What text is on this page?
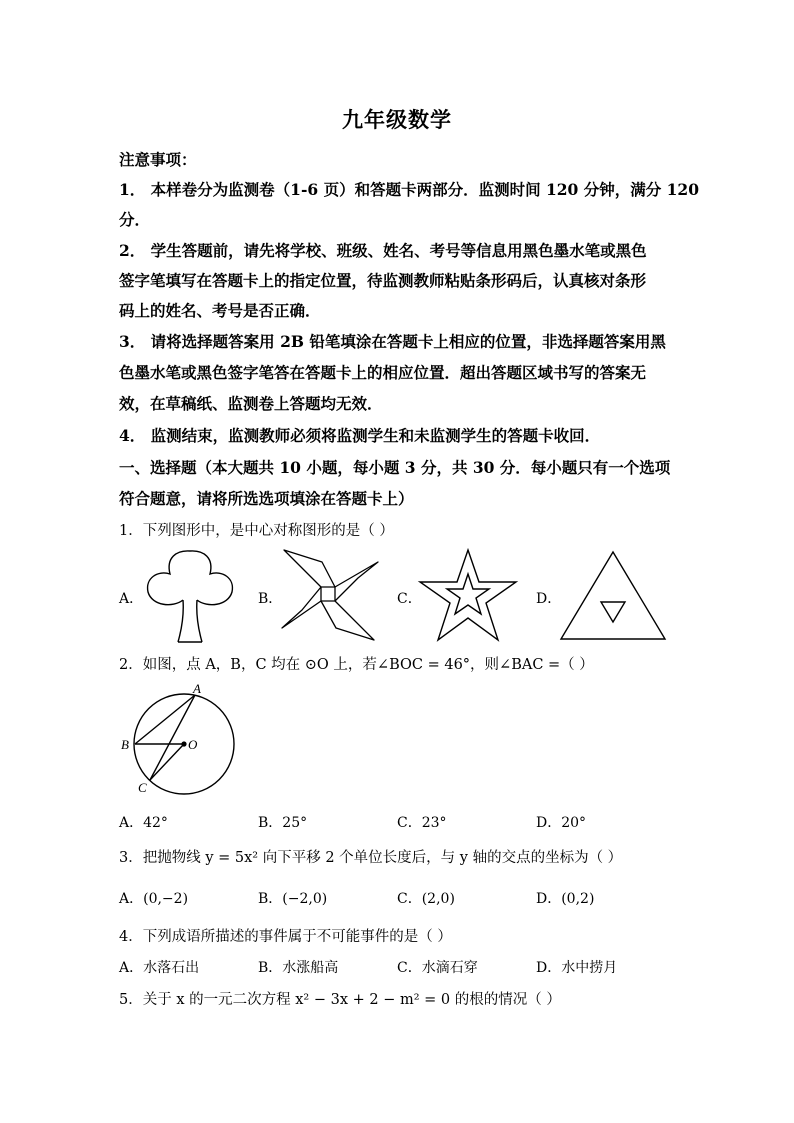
九年级数学
注意事项：
1． 本样卷分为监测卷（1-6 页）和答题卡两部分．监测时间 120 分钟，满分 120
分．
2． 学生答题前，请先将学校、班级、姓名、考号等信息用黑色墨水笔或黑色
签字笔填写在答题卡上的指定位置，待监测教师粘贴条形码后，认真核对条形
码上的姓名、考号是否正确．
3． 请将选择题答案用 2B 铅笔填涂在答题卡上相应的位置，非选择题答案用黑
色墨水笔或黑色签字笔答在答题卡上的相应位置．超出答题区域书写的答案无
效，在草稿纸、监测卷上答题均无效．
4． 监测结束，监测教师必须将监测学生和未监测学生的答题卡收回．
一、选择题（本大题共 10 小题，每小题 3 分，共 30 分．每小题只有一个选项
符合题意，请将所选选项填涂在答题卡上）
1．下列图形中，是中心对称图形的是（ ）
A．	B．	C．	D．
2．如图，点 A，B，C 均在 ⊙O 上，若∠BOC = 46°，则∠BAC =（ ）
A
B
C
O
A．42°	B．25°	C．23°	D．20°
3．把抛物线 y = 5x² 向下平移 2 个单位长度后，与 y 轴的交点的坐标为（ ）
A．(0,−2)	B．(−2,0)	C．(2,0)	D．(0,2)
4．下列成语所描述的事件属于不可能事件的是（ ）
A．水落石出	B．水涨船高	C．水滴石穿	D．水中捞月
5．关于 x 的一元二次方程 x² − 3x + 2 − m² = 0 的根的情况（ ）
